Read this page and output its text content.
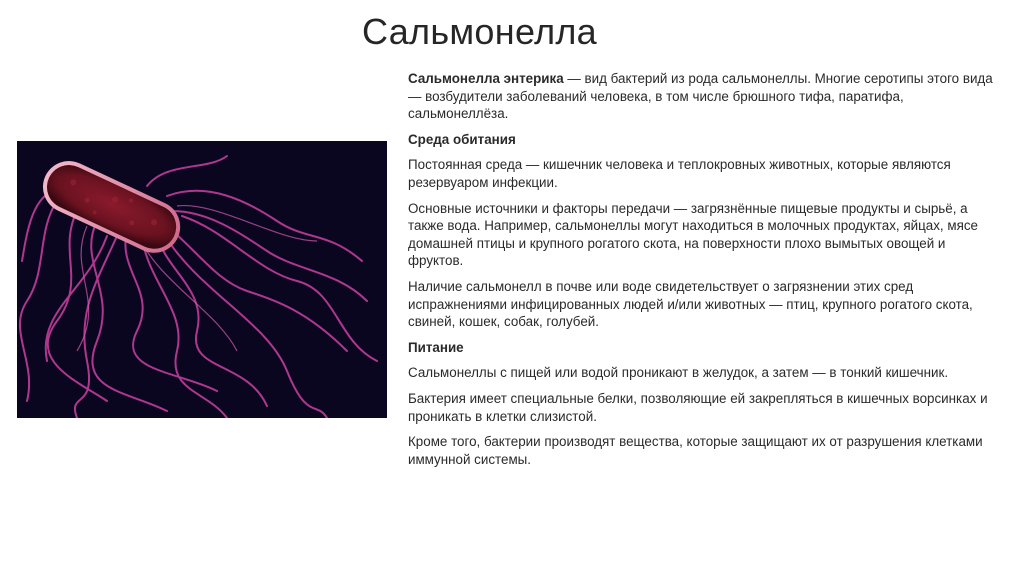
Сальмонелла

Сальмонелла энтерика — вид бактерий из рода сальмонеллы. Многие серотипы этого вида — возбудители заболеваний человека, в том числе брюшного тифа, паратифа, сальмонеллёза.

Среда обитания

Постоянная среда — кишечник человека и теплокровных животных, которые являются резервуаром инфекции.

Основные источники и факторы передачи — загрязнённые пищевые продукты и сырьё, а также вода. Например, сальмонеллы могут находиться в молочных продуктах, яйцах, мясе домашней птицы и крупного рогатого скота, на поверхности плохо вымытых овощей и фруктов.

Наличие сальмонелл в почве или воде свидетельствует о загрязнении этих сред испражнениями инфицированных людей и/или животных — птиц, крупного рогатого скота, свиней, кошек, собак, голубей.

Питание

Сальмонеллы с пищей или водой проникают в желудок, а затем — в тонкий кишечник.

Бактерия имеет специальные белки, позволяющие ей закрепляться в кишечных ворсинках и проникать в клетки слизистой.

Кроме того, бактерии производят вещества, которые защищают их от разрушения клетками иммунной системы.
